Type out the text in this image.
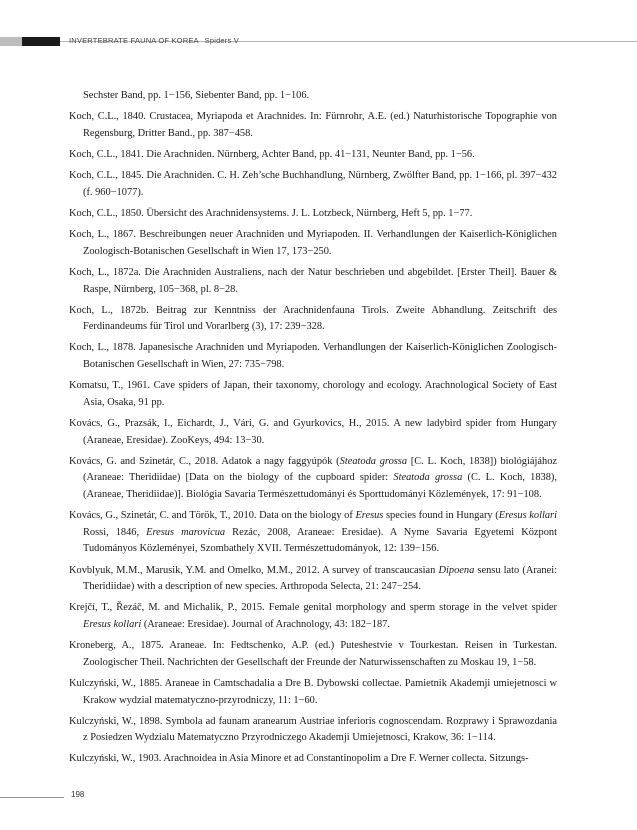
INVERTEBRATE FAUNA OF KOREA Spiders V

Sechster Band, pp. 1−156, Siebenter Band, pp. 1−106.

Koch, C.L., 1840. Crustacea, Myriapoda et Arachnides. In: Fürnrohr, A.E. (ed.) Naturhistorische Topographie von Regensburg, Dritter Band., pp. 387−458.

Koch, C.L., 1841. Die Arachniden. Nürnberg, Achter Band, pp. 41−131, Neunter Band, pp. 1−56.

Koch, C.L., 1845. Die Arachniden. C. H. Zeh’sche Buchhandlung, Nürnberg, Zwölfter Band, pp. 1−166, pl. 397−432 (f. 960−1077).

Koch, C.L., 1850. Übersicht des Arachnidensystems. J. L. Lotzbeck, Nürnberg, Heft 5, pp. 1−77.

Koch, L., 1867. Beschreibungen neuer Arachniden und Myriapoden. II. Verhandlungen der Kaiserlich-Königlichen Zoologisch-Botanischen Gesellschaft in Wien 17, 173−250.

Koch, L., 1872a. Die Arachniden Australiens, nach der Natur beschrieben und abgebildet. [Erster Theil]. Bauer & Raspe, Nürnberg, 105−368, pl. 8−28.

Koch, L., 1872b. Beitrag zur Kenntniss der Arachnidenfauna Tirols. Zweite Abhandlung. Zeitschrift des Ferdinandeums für Tirol und Vorarlberg (3), 17: 239−328.

Koch, L., 1878. Japanesische Arachniden und Myriapoden. Verhandlungen der Kaiserlich-Königlichen Zoologisch-Botanischen Gesellschaft in Wien, 27: 735−798.

Komatsu, T., 1961. Cave spiders of Japan, their taxonomy, chorology and ecology. Arachnological Society of East Asia, Osaka, 91 pp.

Kovács, G., Prazsák, I., Eichardt, J., Vári, G. and Gyurkovics, H., 2015. A new ladybird spider from Hungary (Araneae, Eresidae). ZooKeys, 494: 13−30.

Kovács, G. and Szinetár, C., 2018. Adatok a nagy faggyúpók (Steatoda grossa [C. L. Koch, 1838]) biológiájához (Araneae: Theridiidae) [Data on the biology of the cupboard spider: Steatoda grossa (C. L. Koch, 1838), (Araneae, Theridiidae)]. Biológia Savaria Természettudományi és Sporttudományi Közlemények, 17: 91−108.

Kovács, G., Szinetár, C. and Török, T., 2010. Data on the biology of Eresus species found in Hungary (Eresus kollari Rossi, 1846, Eresus marovicua Rezác, 2008, Araneae: Eresidae). A Nyme Savaria Egyetemi Központ Tudományos Közleményei, Szombathely XVII. Természettudományok, 12: 139−156.

Kovblyuk, M.M., Marusik, Y.M. and Omelko, M.M., 2012. A survey of transcaucasian Dipoena sensu lato (Aranei: Theridiidae) with a description of new species. Arthropoda Selecta, 21: 247−254.

Krejčí, T., Řezáč, M. and Michalik, P., 2015. Female genital morphology and sperm storage in the velvet spider Eresus kollari (Araneae: Eresidae). Journal of Arachnology, 43: 182−187.

Kroneberg, A., 1875. Araneae. In: Fedtschenko, A.P. (ed.) Puteshestvie v Tourkestan. Reisen in Turkestan. Zoologischer Theil. Nachrichten der Gesellschaft der Freunde der Naturwissenschaften zu Moskau 19, 1−58.

Kulczyński, W., 1885. Araneae in Camtschadalia a Dre B. Dybowski collectae. Pamietnik Akademji umiejetnosci w Krakow wydzial matematyczno-przyrodniczy, 11: 1−60.

Kulczyński, W., 1898. Symbola ad faunam aranearum Austriae inferioris cognoscendam. Rozprawy i Sprawozdania z Posiedzen Wydzialu Matematyczno Przyrodniczego Akademji Umiejetnosci, Krakow, 36: 1−114.

Kulczyński, W., 1903. Arachnoidea in Asia Minore et ad Constantinopolim a Dre F. Werner collecta. Sitzungs-

198
